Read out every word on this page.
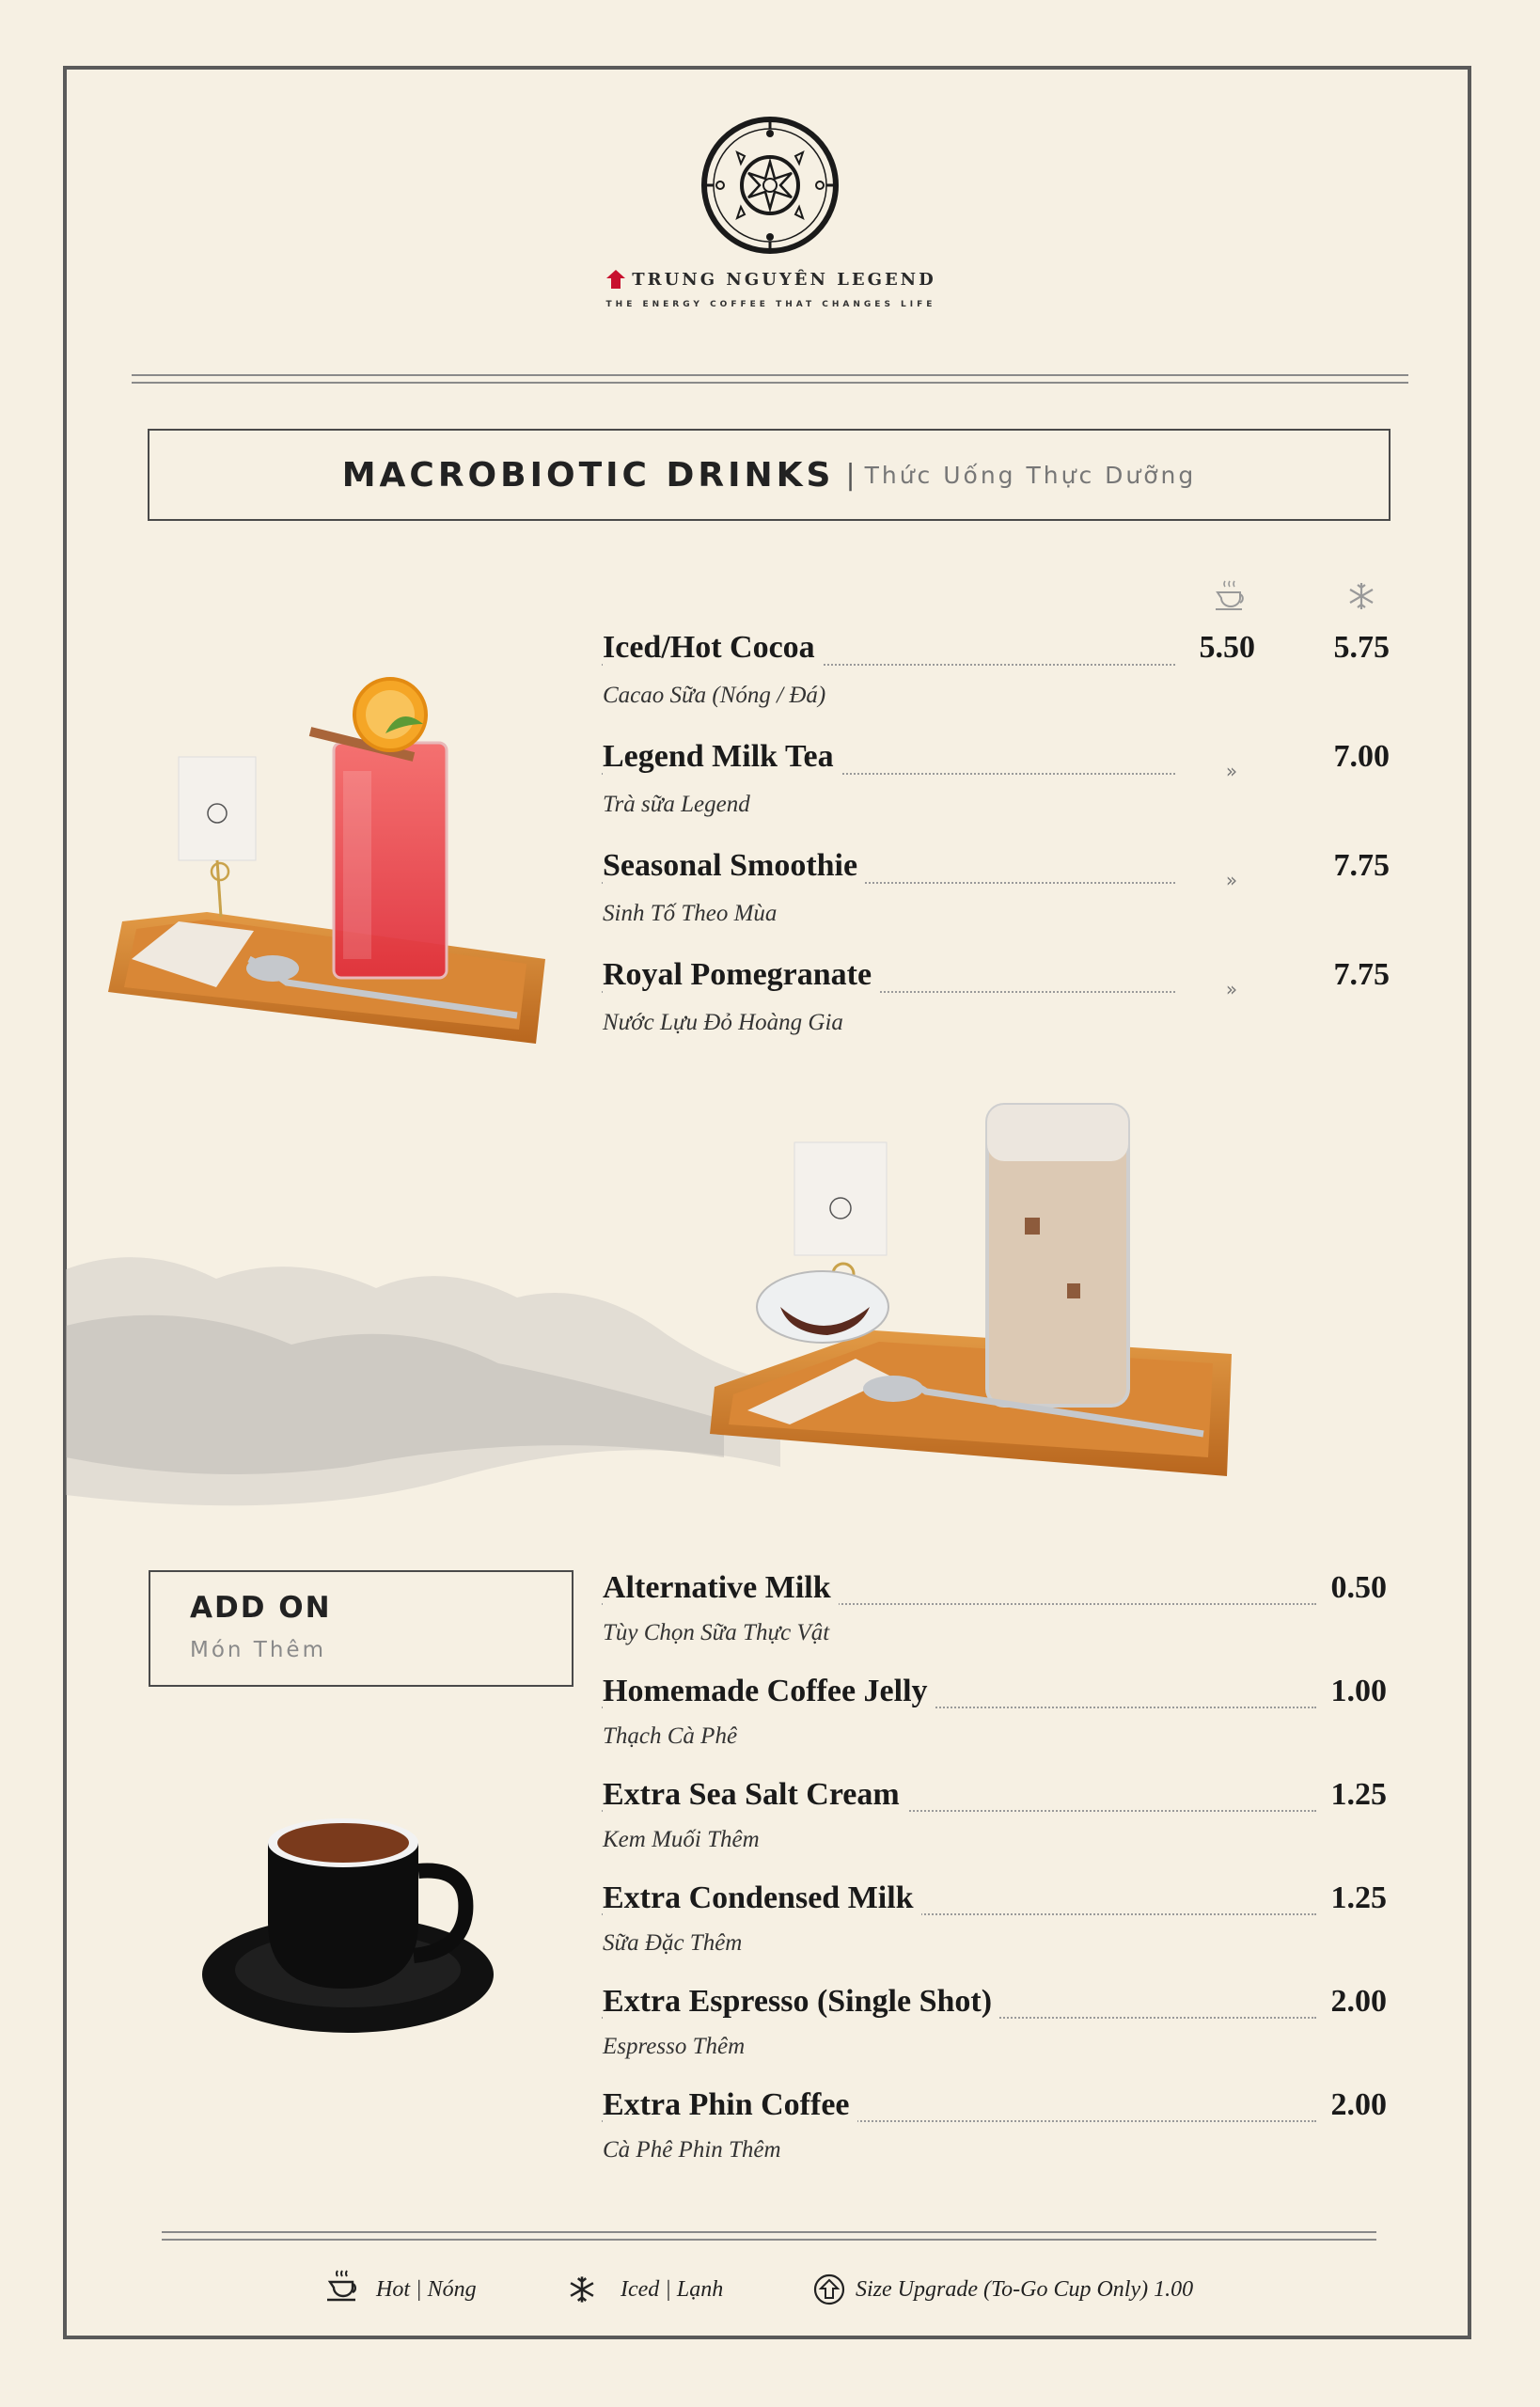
TRUNG NGUYÊN LEGEND
THE ENERGY COFFEE THAT CHANGES LIFE
MACROBIOTIC DRINKS | Thức Uống Thực Dưỡng
Iced/Hot Cocoa
Cacao Sữa (Nóng / Đá)
5.50	5.75
Legend Milk Tea
Trà sữa Legend
»	7.00
Seasonal Smoothie
Sinh Tố Theo Mùa
»	7.75
Royal Pomegranate
Nước Lựu Đỏ Hoàng Gia
»	7.75
ADD ON
Món Thêm
Alternative Milk
Tùy Chọn Sữa Thực Vật
0.50
Homemade Coffee Jelly
Thạch Cà Phê
1.00
Extra Sea Salt Cream
Kem Muối Thêm
1.25
Extra Condensed Milk
Sữa Đặc Thêm
1.25
Extra Espresso (Single Shot)
Espresso Thêm
2.00
Extra Phin Coffee
Cà Phê Phin Thêm
2.00
Hot | Nóng	Iced | Lạnh	Size Upgrade (To-Go Cup Only) 1.00
